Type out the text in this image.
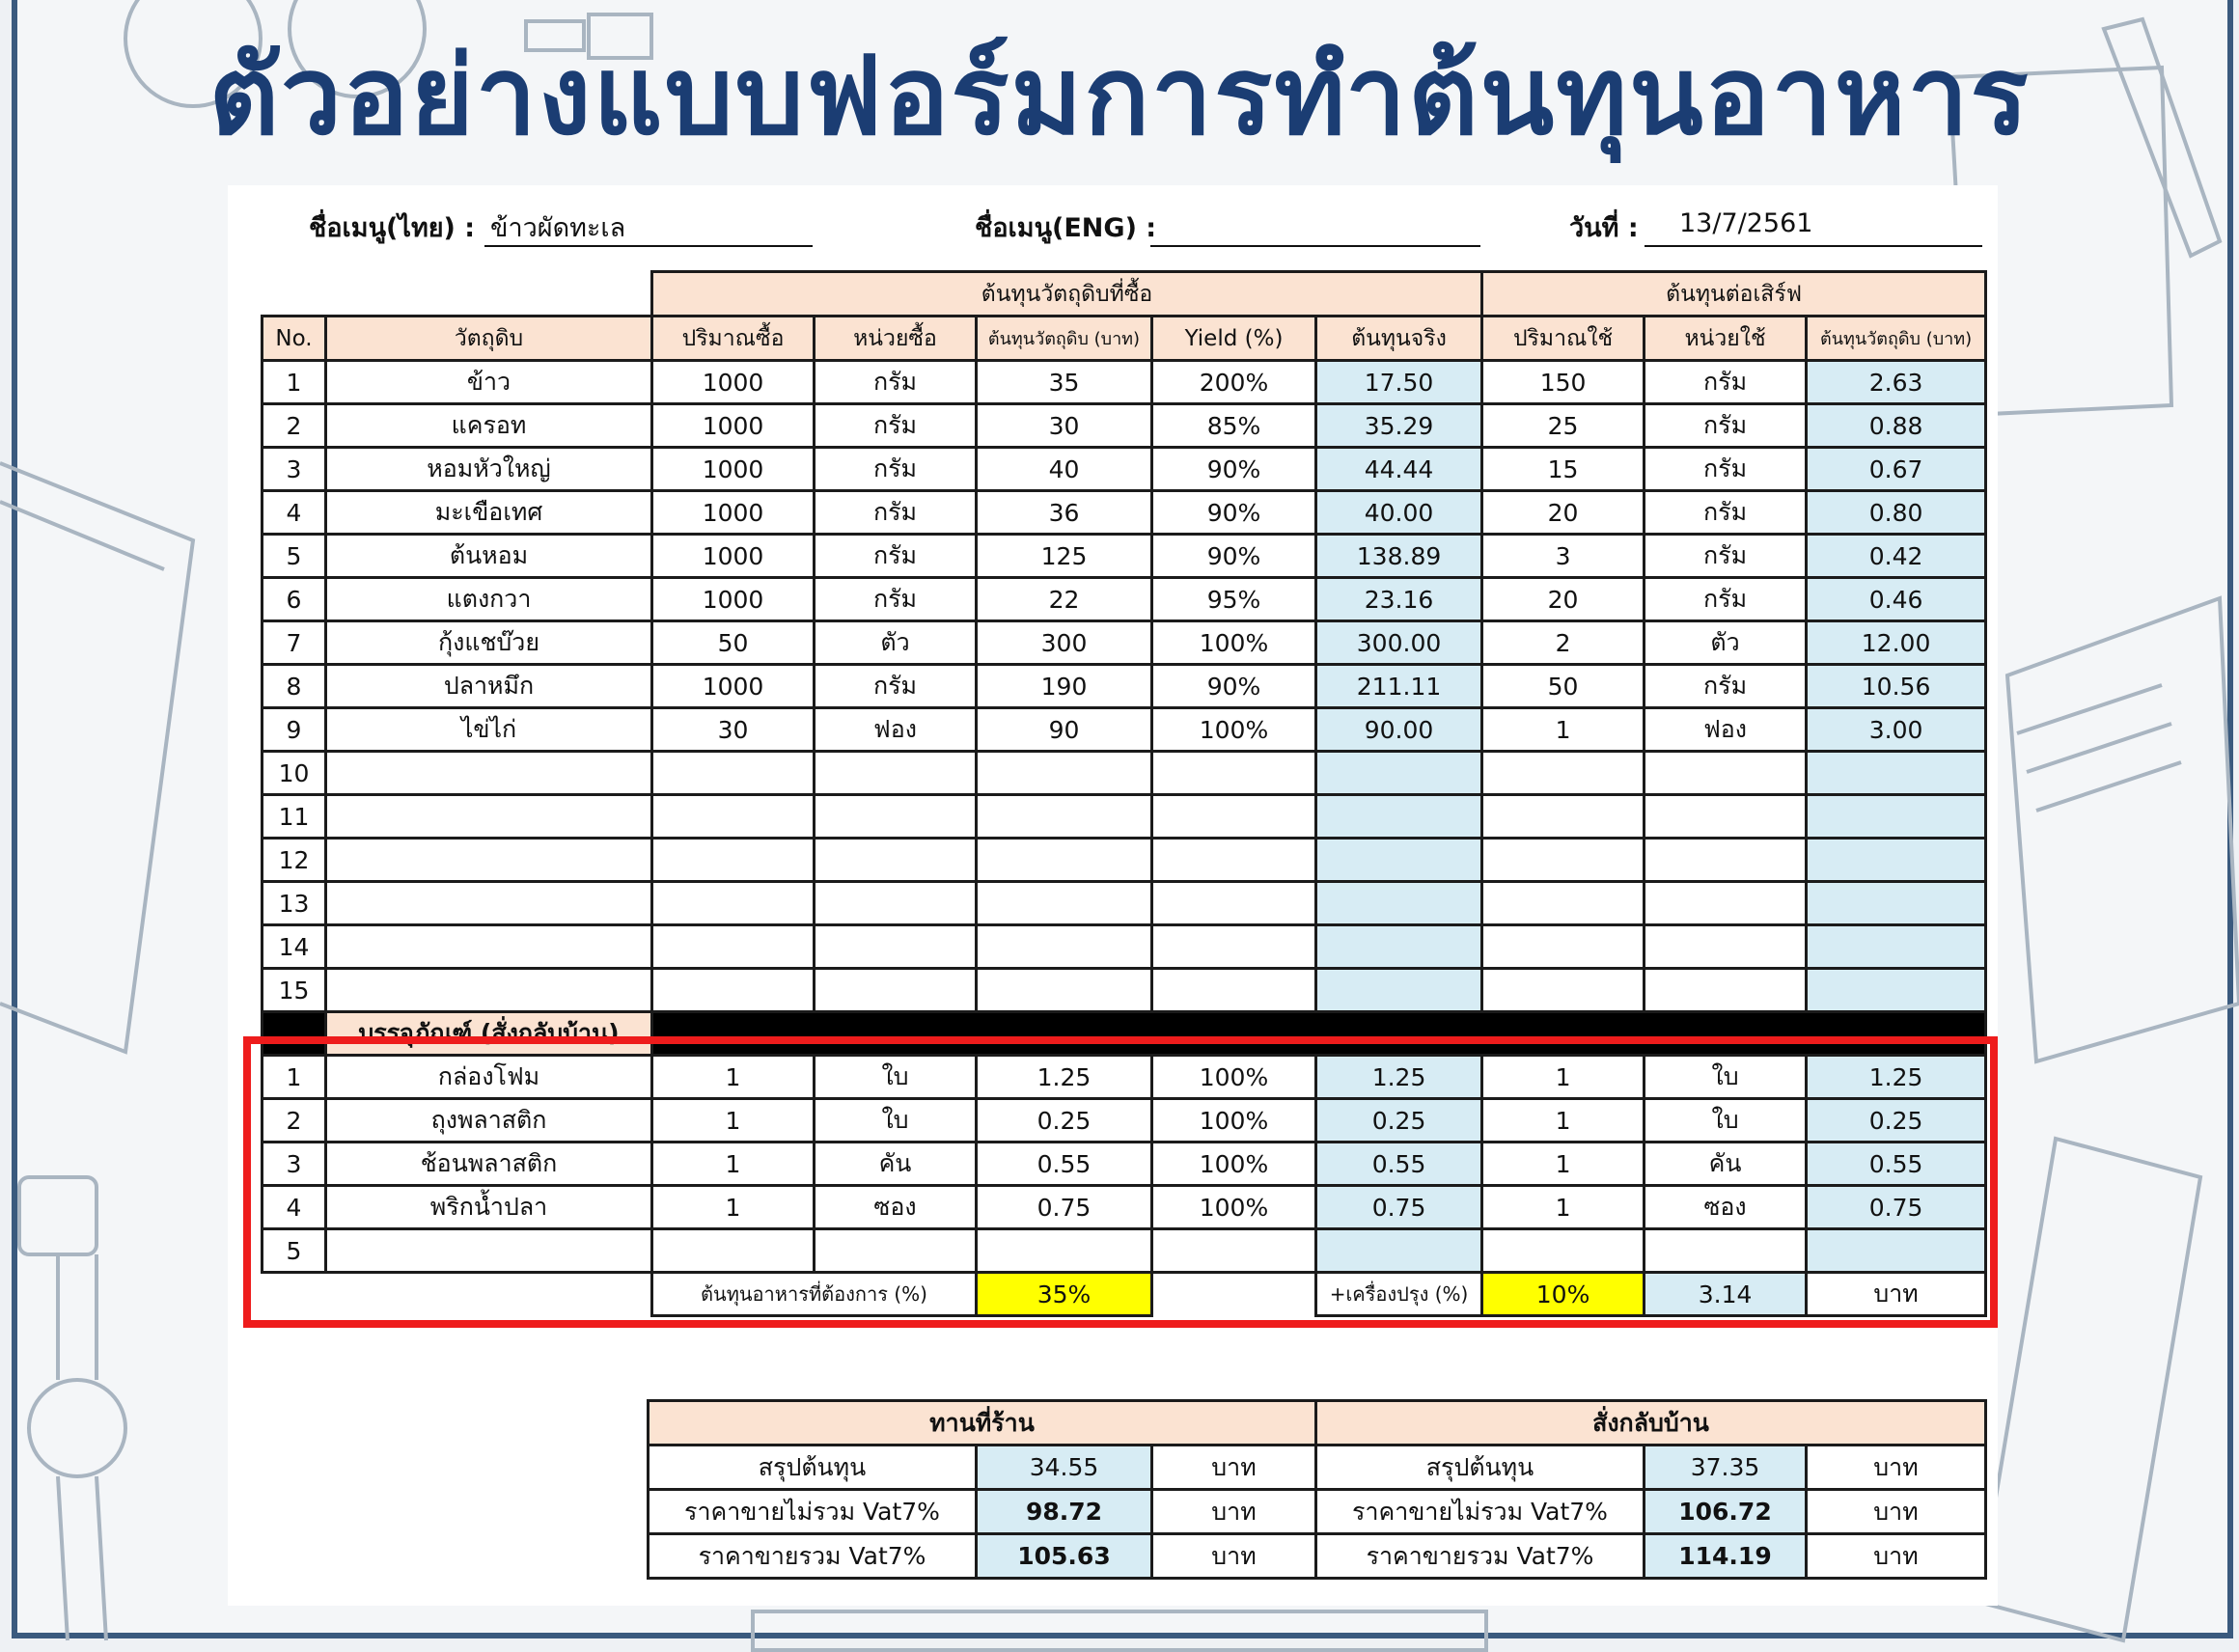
ตัวอย่างแบบฟอร์มการทำต้นทุนอาหาร
ชื่อเมนู(ไทย) : ข้าวผัดทะเล	ชื่อเมนู(ENG) :	วันที่ : 13/7/2561
		ต้นทุนวัตถุดิบที่ซื้อ					ต้นทุนต่อเสิร์ฟ		
No.	วัตถุดิบ	ปริมาณซื้อ	หน่วยซื้อ	ต้นทุนวัตถุดิบ (บาท)	Yield (%)	ต้นทุนจริง	ปริมาณใช้	หน่วยใช้	ต้นทุนวัตถุดิบ (บาท)
1	ข้าว	1000	กรัม	35	200%	17.50	150	กรัม	2.63
2	แครอท	1000	กรัม	30	85%	35.29	25	กรัม	0.88
3	หอมหัวใหญ่	1000	กรัม	40	90%	44.44	15	กรัม	0.67
4	มะเขือเทศ	1000	กรัม	36	90%	40.00	20	กรัม	0.80
5	ต้นหอม	1000	กรัม	125	90%	138.89	3	กรัม	0.42
6	แตงกวา	1000	กรัม	22	95%	23.16	20	กรัม	0.46
7	กุ้งแชบ๊วย	50	ตัว	300	100%	300.00	2	ตัว	12.00
8	ปลาหมึก	1000	กรัม	190	90%	211.11	50	กรัม	10.56
9	ไข่ไก่	30	ฟอง	90	100%	90.00	1	ฟอง	3.00
10									
11									
12									
13									
14									
15									
	บรรจุภัณฑ์ (สั่งกลับบ้าน)								
1	กล่องโฟม	1	ใบ	1.25	100%	1.25	1	ใบ	1.25
2	ถุงพลาสติก	1	ใบ	0.25	100%	0.25	1	ใบ	0.25
3	ช้อนพลาสติก	1	คัน	0.55	100%	0.55	1	คัน	0.55
4	พริกน้ำปลา	1	ซอง	0.75	100%	0.75	1	ซอง	0.75
5									
		ต้นทุนอาหารที่ต้องการ (%)		35%		+เครื่องปรุง (%)	10%	3.14	บาท
ทานที่ร้าน			สั่งกลับบ้าน		
สรุปต้นทุน	34.55	บาท	สรุปต้นทุน	37.35	บาท
ราคาขายไม่รวม Vat7%	98.72	บาท	ราคาขายไม่รวม Vat7%	106.72	บาท
ราคาขายรวม Vat7%	105.63	บาท	ราคาขายรวม Vat7%	114.19	บาท
